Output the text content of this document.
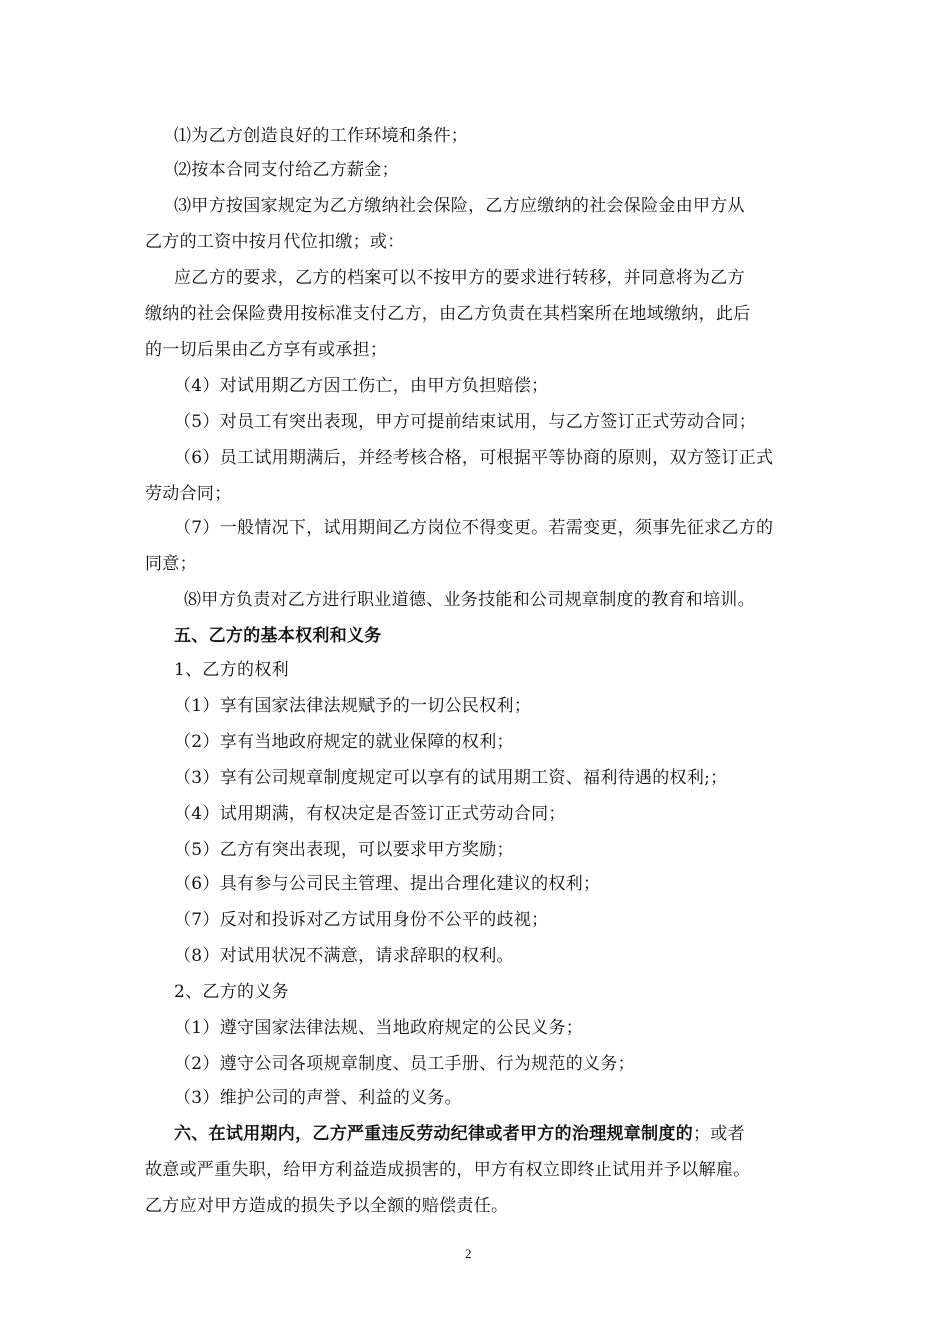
⑴为乙方创造良好的工作环境和条件；
⑵按本合同支付给乙方薪金；
⑶甲方按国家规定为乙方缴纳社会保险，乙方应缴纳的社会保险金由甲方从
乙方的工资中按月代位扣缴；或：
应乙方的要求，乙方的档案可以不按甲方的要求进行转移，并同意将为乙方
缴纳的社会保险费用按标准支付乙方，由乙方负责在其档案所在地域缴纳，此后
的一切后果由乙方享有或承担；
（4）对试用期乙方因工伤亡，由甲方负担赔偿；
（5）对员工有突出表现，甲方可提前结束试用，与乙方签订正式劳动合同；
（6）员工试用期满后，并经考核合格，可根据平等协商的原则，双方签订正式
劳动合同；
（7）一般情况下，试用期间乙方岗位不得变更。若需变更，须事先征求乙方的
同意；
⑻甲方负责对乙方进行职业道德、业务技能和公司规章制度的教育和培训。
五、乙方的基本权利和义务
1、乙方的权利
（1）享有国家法律法规赋予的一切公民权利；
（2）享有当地政府规定的就业保障的权利；
（3）享有公司规章制度规定可以享有的试用期工资、福利待遇的权利;；
（4）试用期满，有权决定是否签订正式劳动合同；
（5）乙方有突出表现，可以要求甲方奖励；
（6）具有参与公司民主管理、提出合理化建议的权利；
（7）反对和投诉对乙方试用身份不公平的歧视；
（8）对试用状况不满意，请求辞职的权利。
2、乙方的义务
（1）遵守国家法律法规、当地政府规定的公民义务；
（2）遵守公司各项规章制度、员工手册、行为规范的义务；
（3）维护公司的声誉、利益的义务。
六、在试用期内，乙方严重违反劳动纪律或者甲方的治理规章制度的；或者
故意或严重失职，给甲方利益造成损害的，甲方有权立即终止试用并予以解雇。
乙方应对甲方造成的损失予以全额的赔偿责任。
2
